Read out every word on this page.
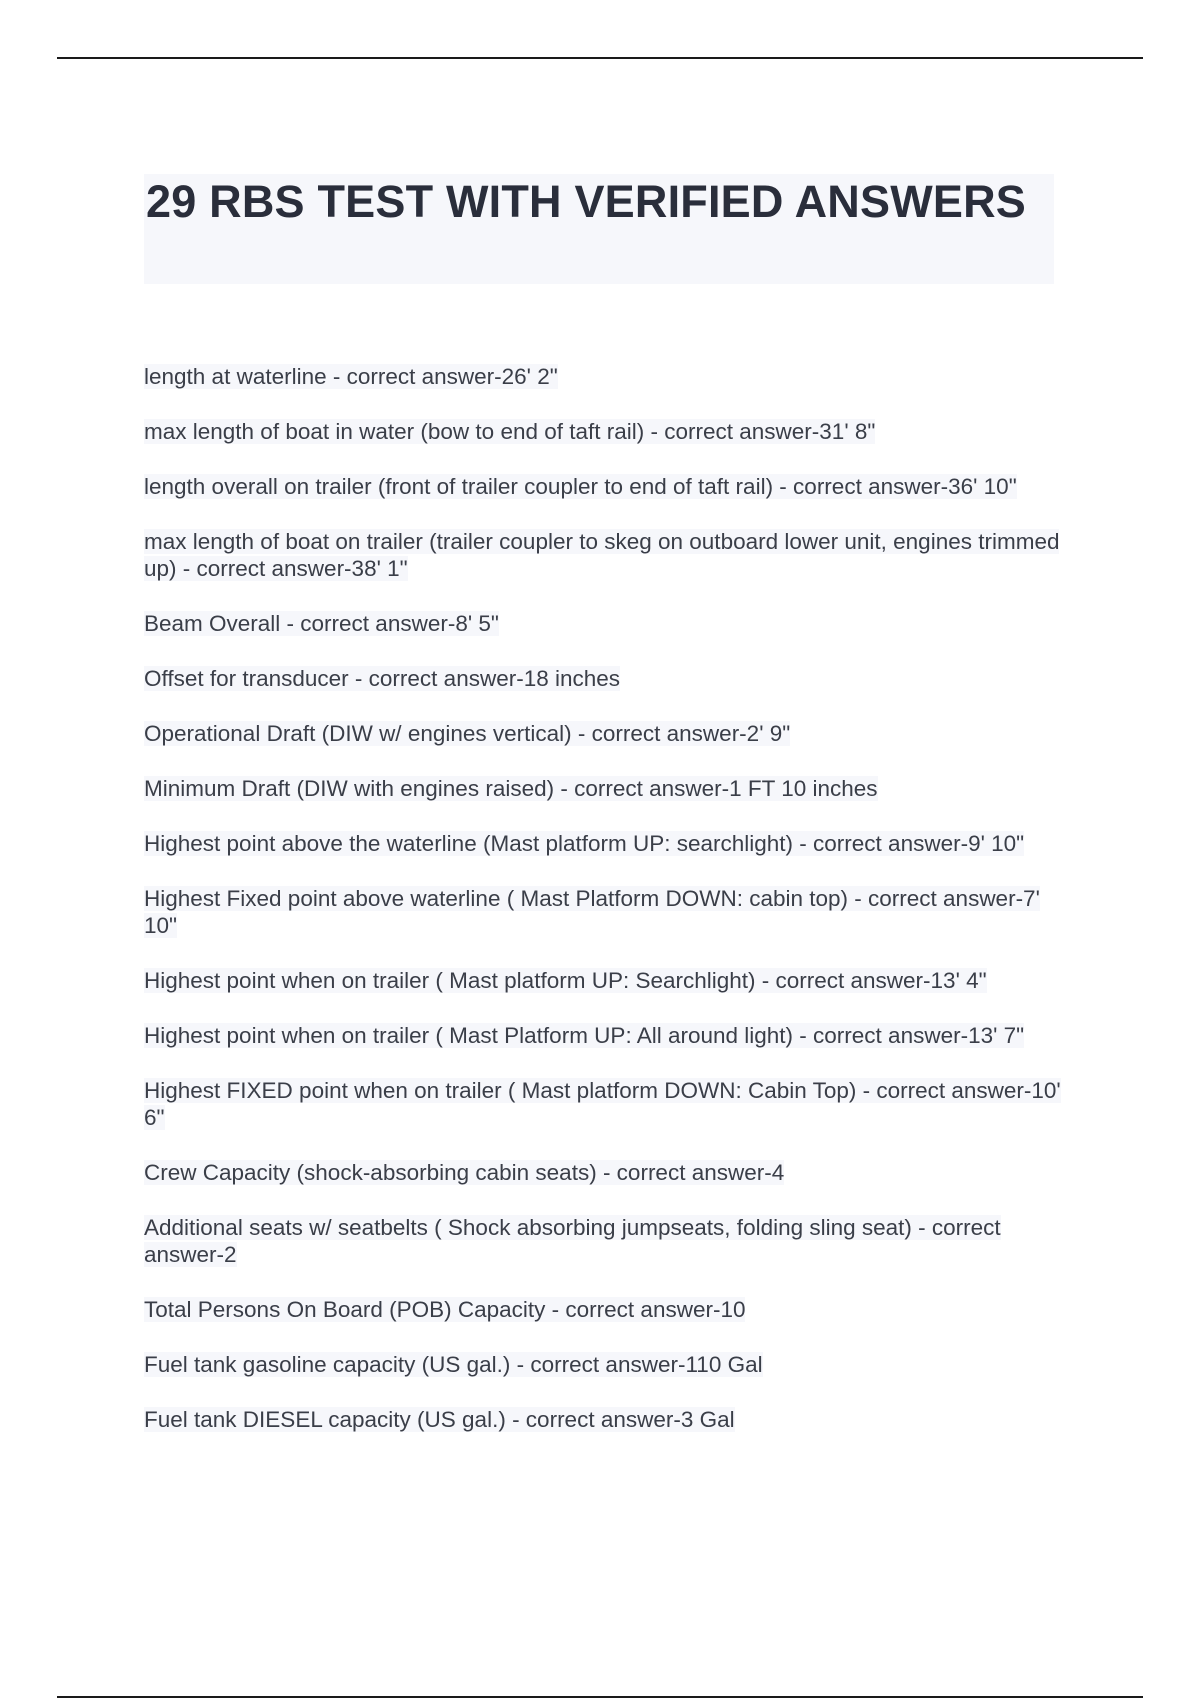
29 RBS TEST WITH VERIFIED ANSWERS
length at waterline - correct answer-26' 2"
max length of boat in water (bow to end of taft rail) - correct answer-31' 8"
length overall on trailer (front of trailer coupler to end of taft rail) - correct answer-36' 10"
max length of boat on trailer (trailer coupler to skeg on outboard lower unit, engines trimmed up) - correct answer-38' 1"
Beam Overall - correct answer-8' 5"
Offset for transducer - correct answer-18 inches
Operational Draft (DIW w/ engines vertical) - correct answer-2' 9"
Minimum Draft (DIW with engines raised) - correct answer-1 FT 10 inches
Highest point above the waterline (Mast platform UP: searchlight) - correct answer-9' 10"
Highest Fixed point above waterline ( Mast Platform DOWN: cabin top) - correct answer-7' 10"
Highest point when on trailer ( Mast platform UP: Searchlight) - correct answer-13' 4"
Highest point when on trailer ( Mast Platform UP: All around light) - correct answer-13' 7"
Highest FIXED point when on trailer ( Mast platform DOWN: Cabin Top) - correct answer-10' 6"
Crew Capacity (shock-absorbing cabin seats) - correct answer-4
Additional seats w/ seatbelts ( Shock absorbing jumpseats, folding sling seat) - correct answer-2
Total Persons On Board (POB) Capacity - correct answer-10
Fuel tank gasoline capacity (US gal.) - correct answer-110 Gal
Fuel tank DIESEL capacity (US gal.) - correct answer-3 Gal
